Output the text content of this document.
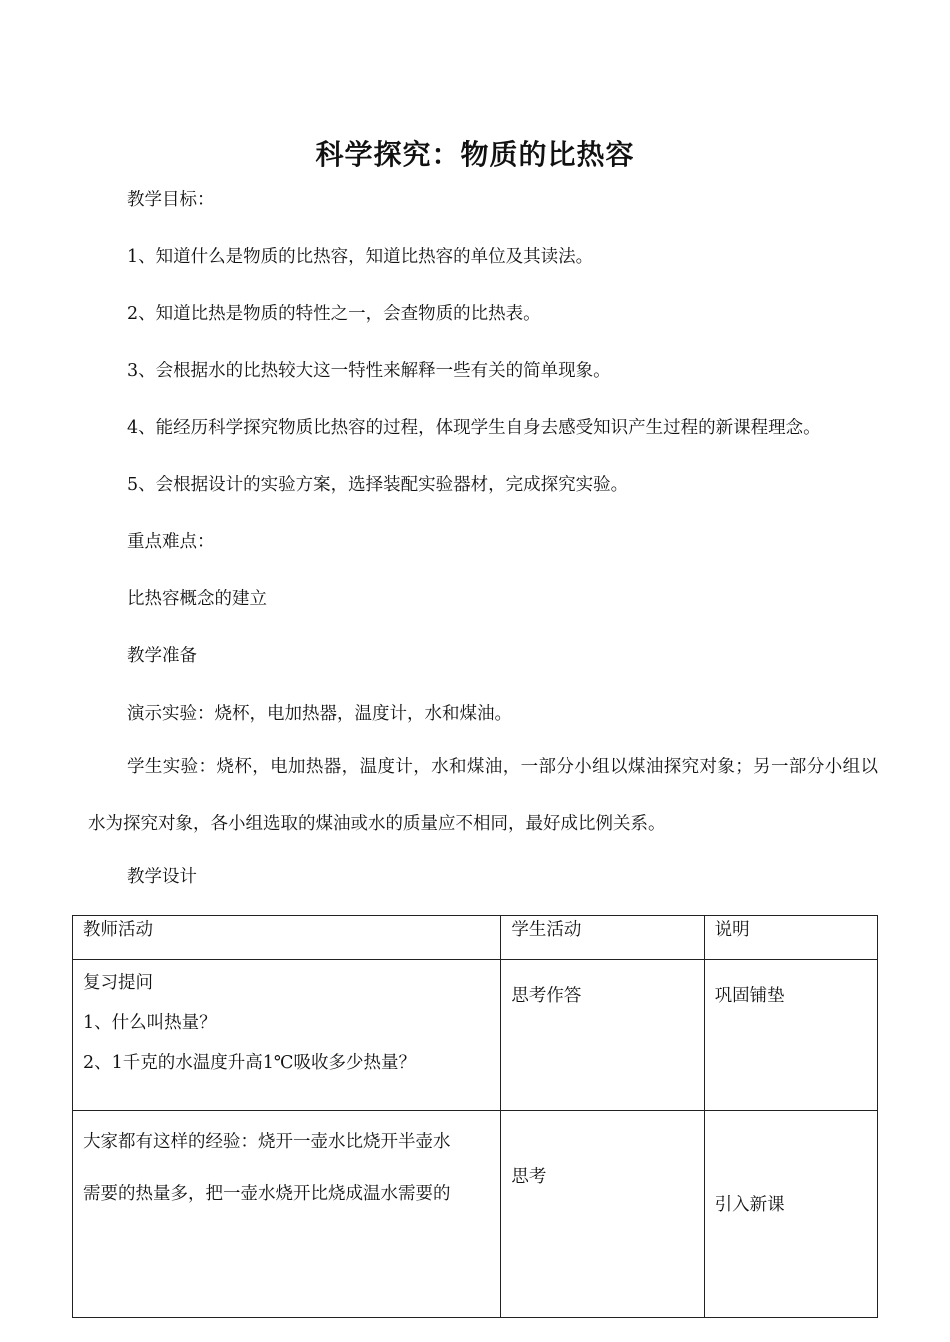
科学探究：物质的比热容
教学目标：
1、知道什么是物质的比热容，知道比热容的单位及其读法。
2、知道比热是物质的特性之一，会查物质的比热表。
3、会根据水的比热较大这一特性来解释一些有关的简单现象。
4、能经历科学探究物质比热容的过程，体现学生自身去感受知识产生过程的新课程理念。
5、会根据设计的实验方案，选择装配实验器材，完成探究实验。
重点难点：
比热容概念的建立
教学准备
演示实验：烧杯，电加热器，温度计，水和煤油。
学生实验：烧杯，电加热器，温度计，水和煤油，一部分小组以煤油探究对象；另一部分小组以水为探究对象，各小组选取的煤油或水的质量应不相同，最好成比例关系。
教学设计
教师活动	学生活动	说明

复习提问
1、什么叫热量？
2、1千克的水温度升高1℃吸收多少热量？	思考作答	巩固铺垫

大家都有这样的经验：烧开一壶水比烧开半壶水
需要的热量多，把一壶水烧开比烧成温水需要的	思考	引入新课
